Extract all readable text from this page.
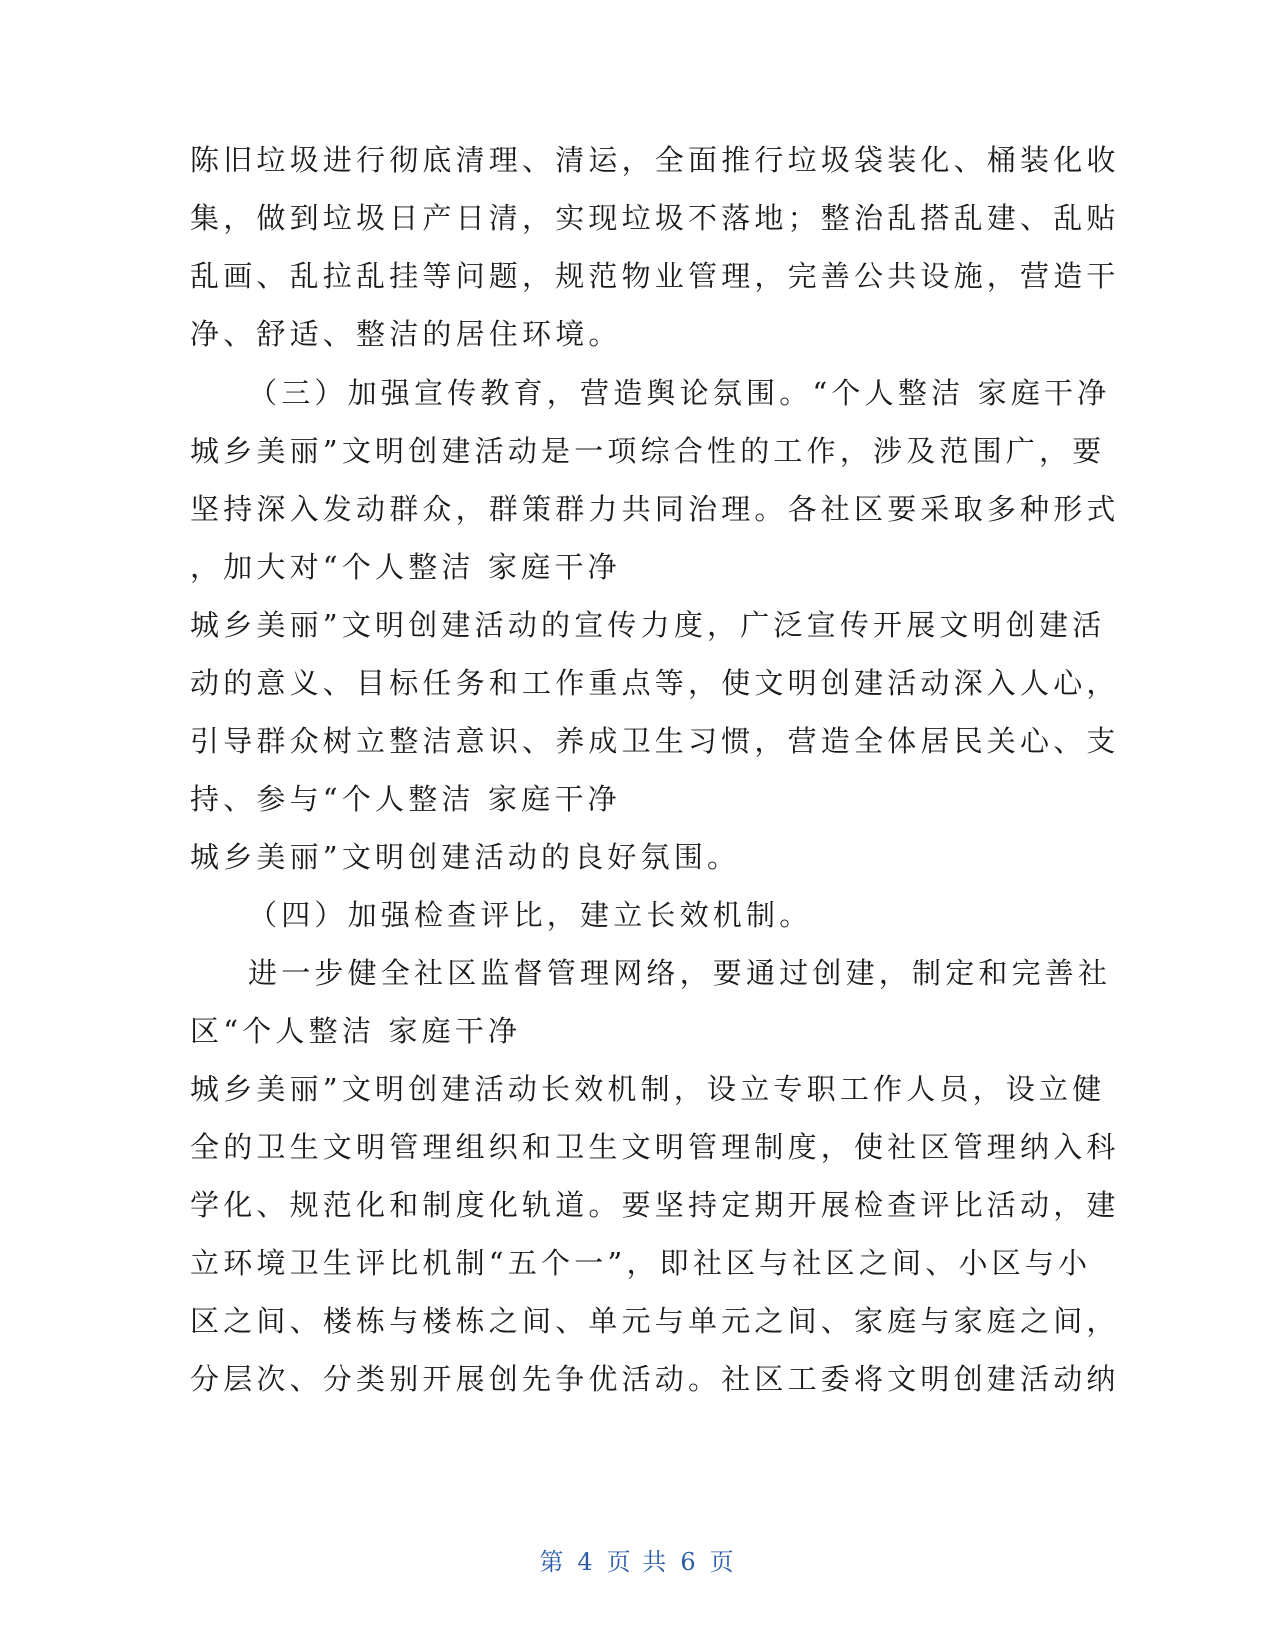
陈旧垃圾进行彻底清理、清运，全面推行垃圾袋装化、桶装化收
集，做到垃圾日产日清，实现垃圾不落地；整治乱搭乱建、乱贴
乱画、乱拉乱挂等问题，规范物业管理，完善公共设施，营造干
净、舒适、整洁的居住环境。
（三）加强宣传教育，营造舆论氛围。“个人整洁 家庭干净
城乡美丽”文明创建活动是一项综合性的工作，涉及范围广，要
坚持深入发动群众，群策群力共同治理。各社区要采取多种形式
，加大对“个人整洁 家庭干净
城乡美丽”文明创建活动的宣传力度，广泛宣传开展文明创建活
动的意义、目标任务和工作重点等，使文明创建活动深入人心，
引导群众树立整洁意识、养成卫生习惯，营造全体居民关心、支
持、参与“个人整洁 家庭干净
城乡美丽”文明创建活动的良好氛围。
（四）加强检查评比，建立长效机制。
进一步健全社区监督管理网络，要通过创建，制定和完善社
区“个人整洁 家庭干净
城乡美丽”文明创建活动长效机制，设立专职工作人员，设立健
全的卫生文明管理组织和卫生文明管理制度，使社区管理纳入科
学化、规范化和制度化轨道。要坚持定期开展检查评比活动，建
立环境卫生评比机制“五个一”，即社区与社区之间、小区与小
区之间、楼栋与楼栋之间、单元与单元之间、家庭与家庭之间，
分层次、分类别开展创先争优活动。社区工委将文明创建活动纳
第 4 页 共 6 页
